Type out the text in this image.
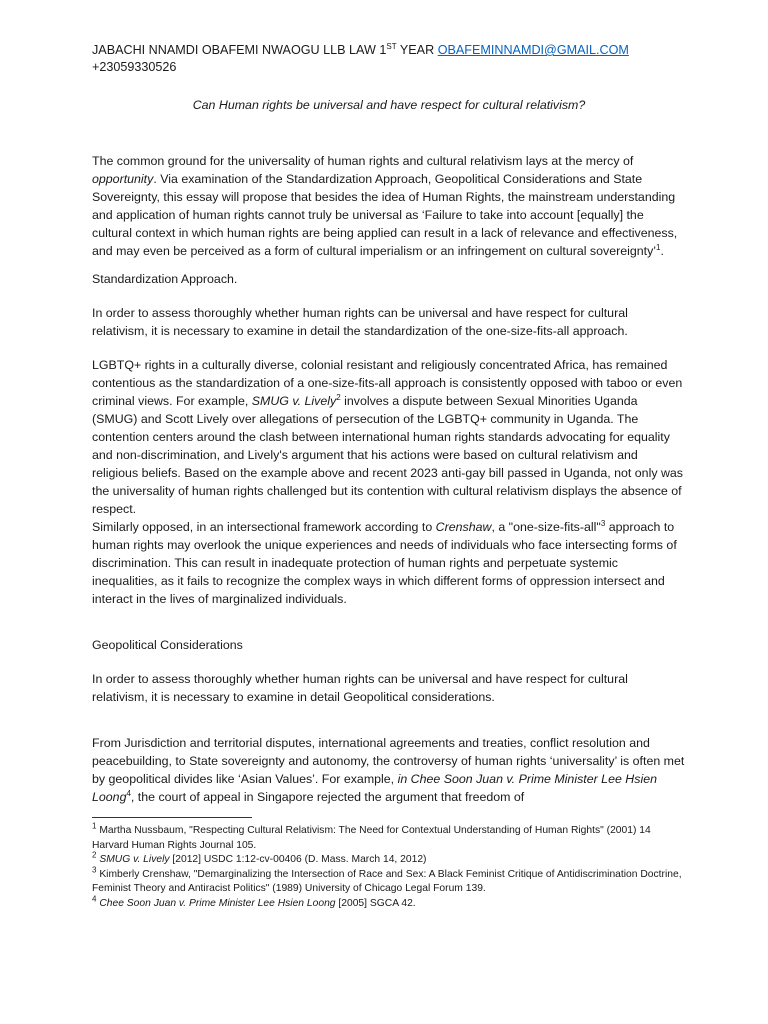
JABACHI NNAMDI OBAFEMI NWAOGU LLB LAW 1ST YEAR OBAFEMINNAMDI@GMAIL.COM
+23059330526
Can Human rights be universal and have respect for cultural relativism?

The common ground for the universality of human rights and cultural relativism lays at the mercy of opportunity. Via examination of the Standardization Approach, Geopolitical Considerations and State Sovereignty, this essay will propose that besides the idea of Human Rights, the mainstream understanding and application of human rights cannot truly be universal as ‘Failure to take into account [equally] the cultural context in which human rights are being applied can result in a lack of relevance and effectiveness, and may even be perceived as a form of cultural imperialism or an infringement on cultural sovereignty’$^1$.

Standardization Approach.

In order to assess thoroughly whether human rights can be universal and have respect for cultural relativism, it is necessary to examine in detail the standardization of the one-size-fits-all approach.

LGBTQ+ rights in a culturally diverse, colonial resistant and religiously concentrated Africa, has remained contentious as the standardization of a one-size-fits-all approach is consistently opposed with taboo or even criminal views. For example, SMUG v. Lively$^2$ involves a dispute between Sexual Minorities Uganda (SMUG) and Scott Lively over allegations of persecution of the LGBTQ+ community in Uganda. The contention centers around the clash between international human rights standards advocating for equality and non-discrimination, and Lively's argument that his actions were based on cultural relativism and religious beliefs. Based on the example above and recent 2023 anti-gay bill passed in Uganda, not only was the universality of human rights challenged but its contention with cultural relativism displays the absence of respect.

Similarly opposed, in an intersectional framework according to Crenshaw, a "one-size-fits-all"$^3$ approach to human rights may overlook the unique experiences and needs of individuals who face intersecting forms of discrimination. This can result in inadequate protection of human rights and perpetuate systemic inequalities, as it fails to recognize the complex ways in which different forms of oppression intersect and interact in the lives of marginalized individuals.

Geopolitical Considerations

In order to assess thoroughly whether human rights can be universal and have respect for cultural relativism, it is necessary to examine in detail Geopolitical considerations.

From Jurisdiction and territorial disputes, international agreements and treaties, conflict resolution and peacebuilding, to State sovereignty and autonomy, the controversy of human rights ‘universality’ is often met by geopolitical divides like ‘Asian Values’. For example, in Chee Soon Juan v. Prime Minister Lee Hsien Loong$^4$, the court of appeal in Singapore rejected the argument that freedom of

$^1$ Martha Nussbaum, "Respecting Cultural Relativism: The Need for Contextual Understanding of Human Rights" (2001) 14 Harvard Human Rights Journal 105.

$^2$ SMUG v. Lively [2012] USDC 1:12-cv-00406 (D. Mass. March 14, 2012)

$^3$ Kimberly Crenshaw, "Demarginalizing the Intersection of Race and Sex: A Black Feminist Critique of Antidiscrimination Doctrine, Feminist Theory and Antiracist Politics" (1989) University of Chicago Legal Forum 139.

$^4$ Chee Soon Juan v. Prime Minister Lee Hsien Loong [2005] SGCA 42.
